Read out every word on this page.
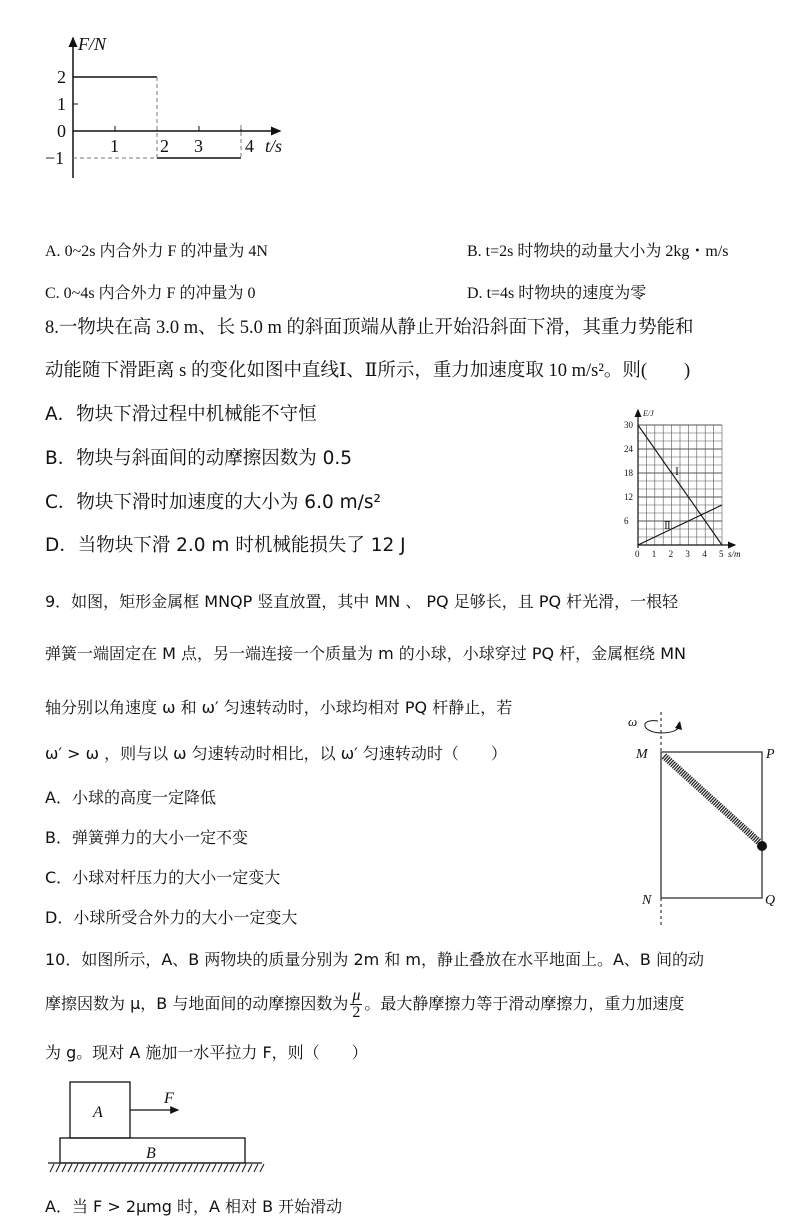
F/N
t/s
2
1
0
−1
1 2 3 4
A. 0~2s 内合外力 F 的冲量为 4N	B. t=2s 时物块的动量大小为 2kg・m/s
C. 0~4s 内合外力 F 的冲量为 0	D. t=4s 时物块的速度为零
8.一物块在高 3.0 m、长 5.0 m 的斜面顶端从静止开始沿斜面下滑，其重力势能和
动能随下滑距离 s 的变化如图中直线Ⅰ、Ⅱ所示，重力加速度取 10 m/s²。则(　　)
A．物块下滑过程中机械能不守恒
B．物块与斜面间的动摩擦因数为 0.5
C．物块下滑时加速度的大小为 6.0 m/s²
D．当物块下滑 2.0 m 时机械能损失了 12 J
E/J
s/m
Ⅰ
Ⅱ
30
24
18
12
6
0 1 2 3 4 5
9．如图，矩形金属框 MNQP 竖直放置，其中 MN 、 PQ 足够长，且 PQ 杆光滑，一根轻
弹簧一端固定在 M 点，另一端连接一个质量为 m 的小球，小球穿过 PQ 杆，金属框绕 MN
轴分别以角速度 ω 和 ω′ 匀速转动时，小球均相对 PQ 杆静止，若
ω′ > ω ，则与以 ω 匀速转动时相比，以 ω′ 匀速转动时（　　）
A．小球的高度一定降低
B．弹簧弹力的大小一定不变
C．小球对杆压力的大小一定变大
D．小球所受合外力的大小一定变大
ω
M	P
N	Q
10．如图所示，A、B 两物块的质量分别为 2m 和 m，静止叠放在水平地面上。A、B 间的动
摩擦因数为 μ，B 与地面间的动摩擦因数为 $\frac{\mu}{2}$ 。最大静摩擦力等于滑动摩擦力，重力加速度
为 g。现对 A 施加一水平拉力 F，则（　　）
A
B
F
A．当 F > 2μmg 时，A 相对 B 开始滑动
